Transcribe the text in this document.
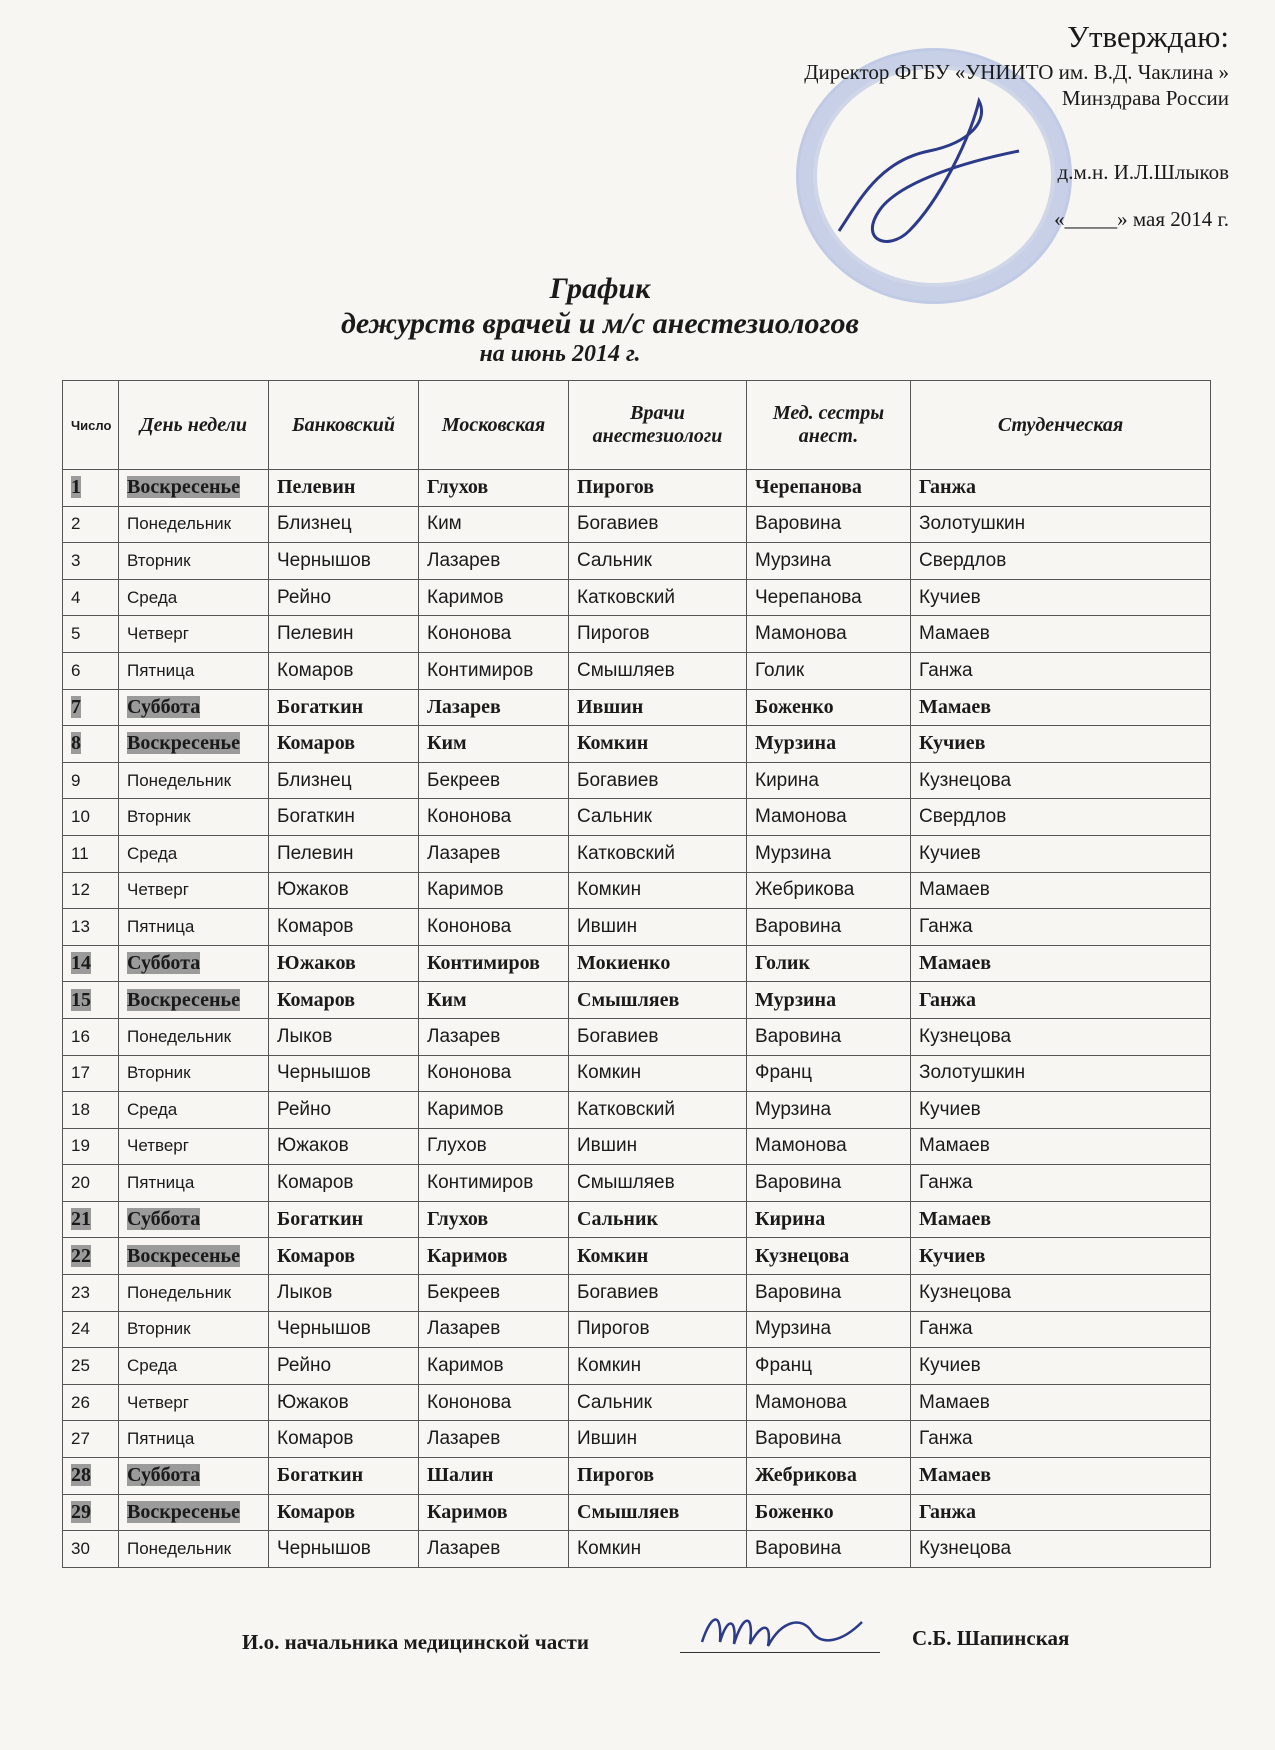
Утверждаю:
Директор ФГБУ «УНИИТО им. В.Д. Чаклина »
Минздрава России
д.м.н. И.Л.Шлыков
«_____» мая 2014 г.
График
дежурств врачей и м/с анестезиологов
на июнь 2014 г.
Число	День недели	Банковский	Московская	Врачи анестезиологи	Мед. сестры анест.	Студенческая
1	Воскресенье	Пелевин	Глухов	Пирогов	Черепанова	Ганжа
2	Понедельник	Близнец	Ким	Богавиев	Варовина	Золотушкин
3	Вторник	Чернышов	Лазарев	Сальник	Мурзина	Свердлов
4	Среда	Рейно	Каримов	Катковский	Черепанова	Кучиев
5	Четверг	Пелевин	Кононова	Пирогов	Мамонова	Мамаев
6	Пятница	Комаров	Контимиров	Смышляев	Голик	Ганжа
7	Суббота	Богаткин	Лазарев	Ившин	Боженко	Мамаев
8	Воскресенье	Комаров	Ким	Комкин	Мурзина	Кучиев
9	Понедельник	Близнец	Бекреев	Богавиев	Кирина	Кузнецова
10	Вторник	Богаткин	Кононова	Сальник	Мамонова	Свердлов
11	Среда	Пелевин	Лазарев	Катковский	Мурзина	Кучиев
12	Четверг	Южаков	Каримов	Комкин	Жебрикова	Мамаев
13	Пятница	Комаров	Кононова	Ившин	Варовина	Ганжа
14	Суббота	Южаков	Контимиров	Мокиенко	Голик	Мамаев
15	Воскресенье	Комаров	Ким	Смышляев	Мурзина	Ганжа
16	Понедельник	Лыков	Лазарев	Богавиев	Варовина	Кузнецова
17	Вторник	Чернышов	Кононова	Комкин	Франц	Золотушкин
18	Среда	Рейно	Каримов	Катковский	Мурзина	Кучиев
19	Четверг	Южаков	Глухов	Ившин	Мамонова	Мамаев
20	Пятница	Комаров	Контимиров	Смышляев	Варовина	Ганжа
21	Суббота	Богаткин	Глухов	Сальник	Кирина	Мамаев
22	Воскресенье	Комаров	Каримов	Комкин	Кузнецова	Кучиев
23	Понедельник	Лыков	Бекреев	Богавиев	Варовина	Кузнецова
24	Вторник	Чернышов	Лазарев	Пирогов	Мурзина	Ганжа
25	Среда	Рейно	Каримов	Комкин	Франц	Кучиев
26	Четверг	Южаков	Кононова	Сальник	Мамонова	Мамаев
27	Пятница	Комаров	Лазарев	Ившин	Варовина	Ганжа
28	Суббота	Богаткин	Шалин	Пирогов	Жебрикова	Мамаев
29	Воскресенье	Комаров	Каримов	Смышляев	Боженко	Ганжа
30	Понедельник	Чернышов	Лазарев	Комкин	Варовина	Кузнецова
И.о. начальника медицинской части	С.Б. Шапинская
